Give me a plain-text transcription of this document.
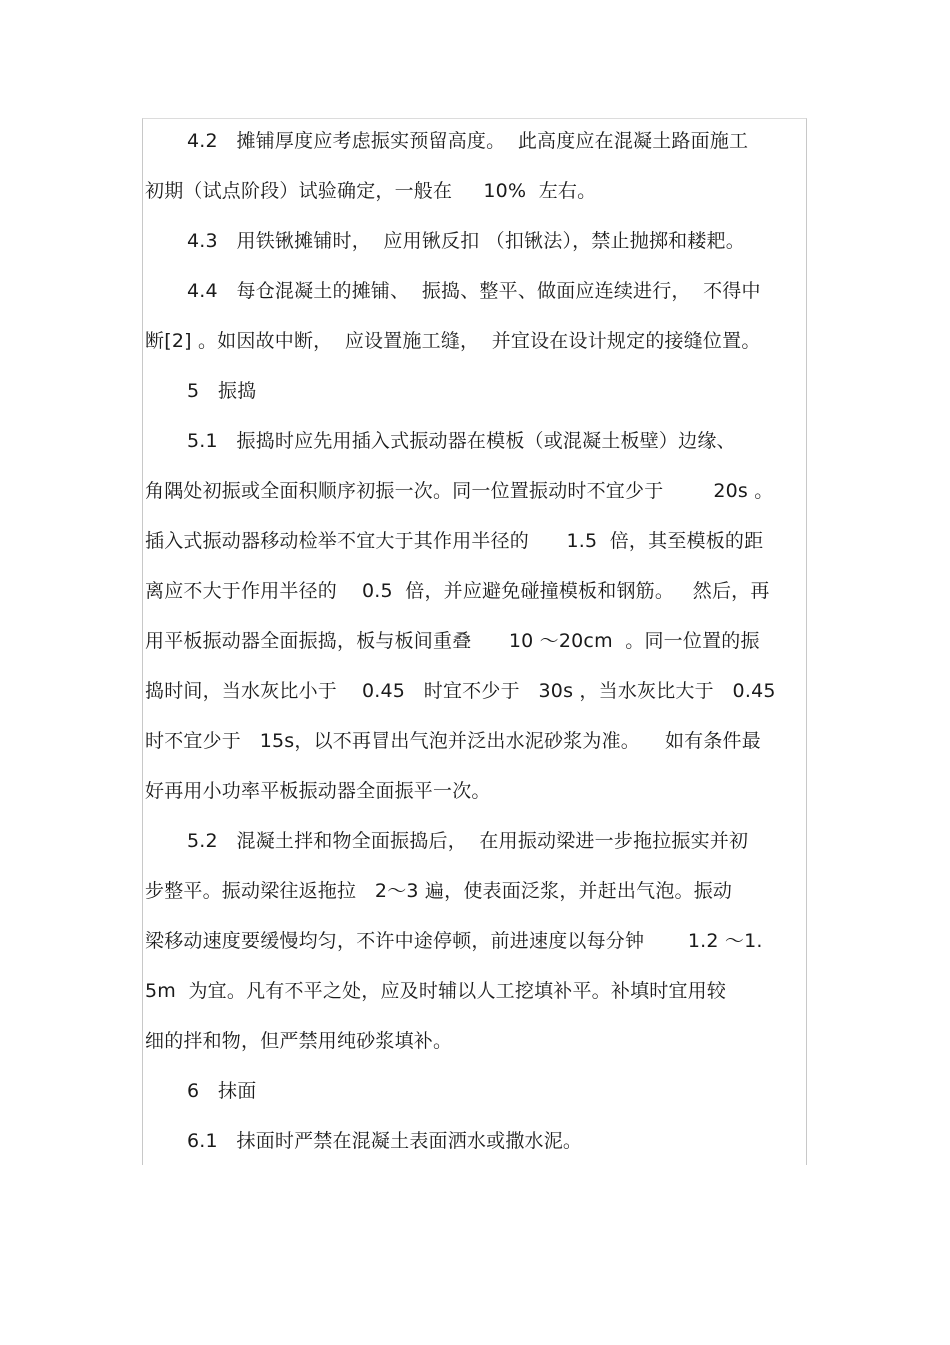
4.2   摊铺厚度应考虑振实预留高度。  此高度应在混凝土路面施工
初期（试点阶段）试验确定，一般在     10%  左右。
4.3   用铁锹摊铺时，  应用锹反扣 （扣锹法），禁止抛掷和耧耙。
4.4   每仓混凝土的摊铺、  振捣、整平、做面应连续进行，  不得中
断[2] 。如因故中断，  应设置施工缝，  并宜设在设计规定的接缝位置。
5   振捣
5.1   振捣时应先用插入式振动器在模板（或混凝土板壁）边缘、
角隅处初振或全面积顺序初振一次。同一位置振动时不宜少于        20s 。
插入式振动器移动检举不宜大于其作用半径的      1.5  倍，其至模板的距
离应不大于作用半径的    0.5  倍，并应避免碰撞模板和钢筋。   然后，再
用平板振动器全面振捣，板与板间重叠      10 ～20cm  。同一位置的振
捣时间，当水灰比小于    0.45   时宜不少于   30s ，当水灰比大于   0.45
时不宜少于   15s，以不再冒出气泡并泛出水泥砂浆为准。    如有条件最
好再用小功率平板振动器全面振平一次。
5.2   混凝土拌和物全面振捣后，  在用振动梁进一步拖拉振实并初
步整平。振动梁往返拖拉   2～3 遍，使表面泛浆，并赶出气泡。振动
梁移动速度要缓慢均匀，不许中途停顿，前进速度以每分钟       1.2 ～1.
5m  为宜。凡有不平之处，应及时辅以人工挖填补平。补填时宜用较
细的拌和物，但严禁用纯砂浆填补。
6   抹面
6.1   抹面时严禁在混凝土表面洒水或撒水泥。
